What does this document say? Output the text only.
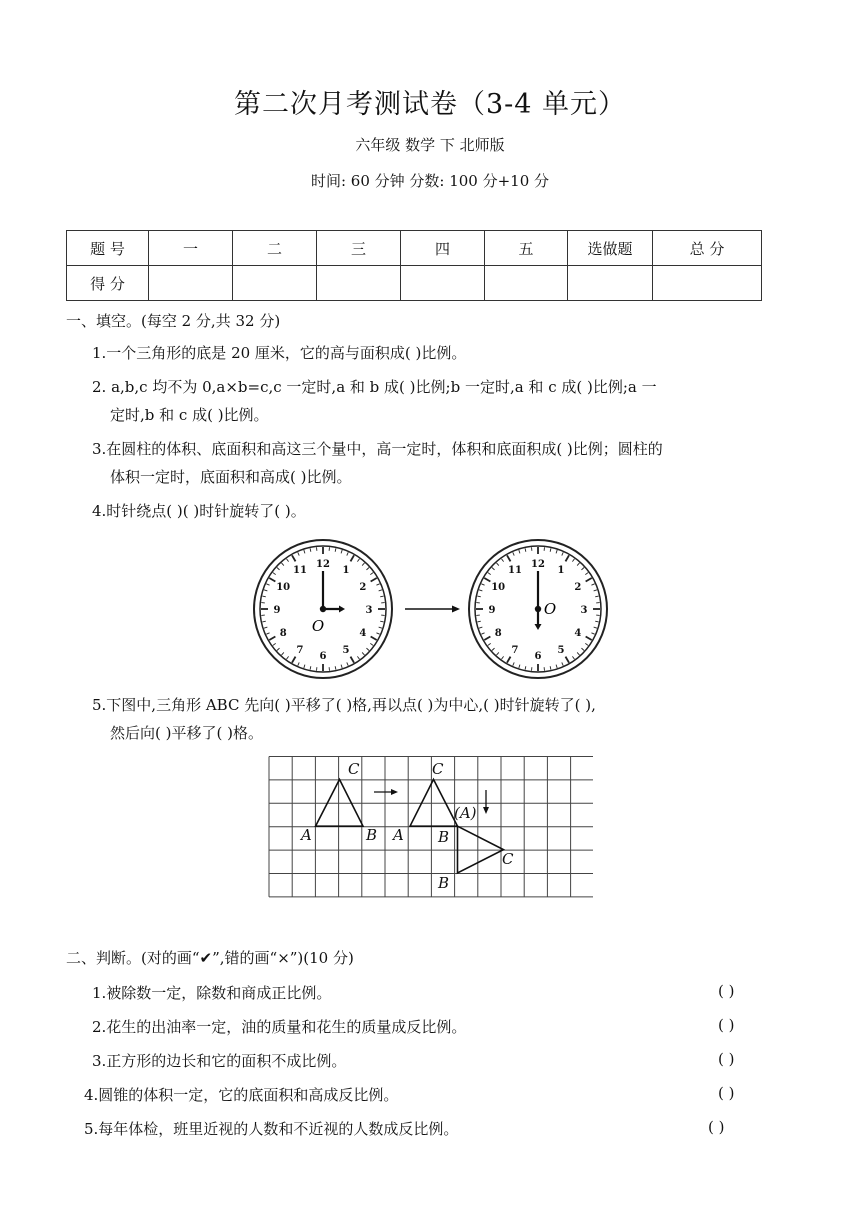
第二次月考测试卷（3-4 单元）
六年级 数学 下 北师版
时间: 60 分钟 分数: 100 分+10 分
题 号	一	二	三	四	五	选做题	总 分
得 分							
一、填空。(每空 2 分,共 32 分)
1.一个三角形的底是 20 厘米，它的高与面积成( )比例。
2. a,b,c 均不为 0,a×b=c,c 一定时,a 和 b 成( )比例;b 一定时,a 和 c 成( )比例;a 一
定时,b 和 c 成( )比例。
3.在圆柱的体积、底面积和高这三个量中，高一定时，体积和底面积成( )比例；圆柱的
体积一定时，底面积和高成( )比例。
4.时针绕点( )( )时针旋转了( )。
12
1
2
3
4
5
6
7
8
9
10
11
O
12
1
2
3
4
5
6
7
8
9
10
11
O
5.下图中,三角形 ABC 先向( )平移了( )格,再以点( )为中心,( )时针旋转了( ),
然后向( )平移了( )格。
C
A	B
C
A B
(A)
C
B
二、判断。(对的画“✔”,错的画“×”)(10 分)
1.被除数一定，除数和商成正比例。	( )
2.花生的出油率一定，油的质量和花生的质量成反比例。	( )
3.正方形的边长和它的面积不成比例。	( )
4.圆锥的体积一定，它的底面积和高成反比例。	( )
5.每年体检，班里近视的人数和不近视的人数成反比例。	( )
